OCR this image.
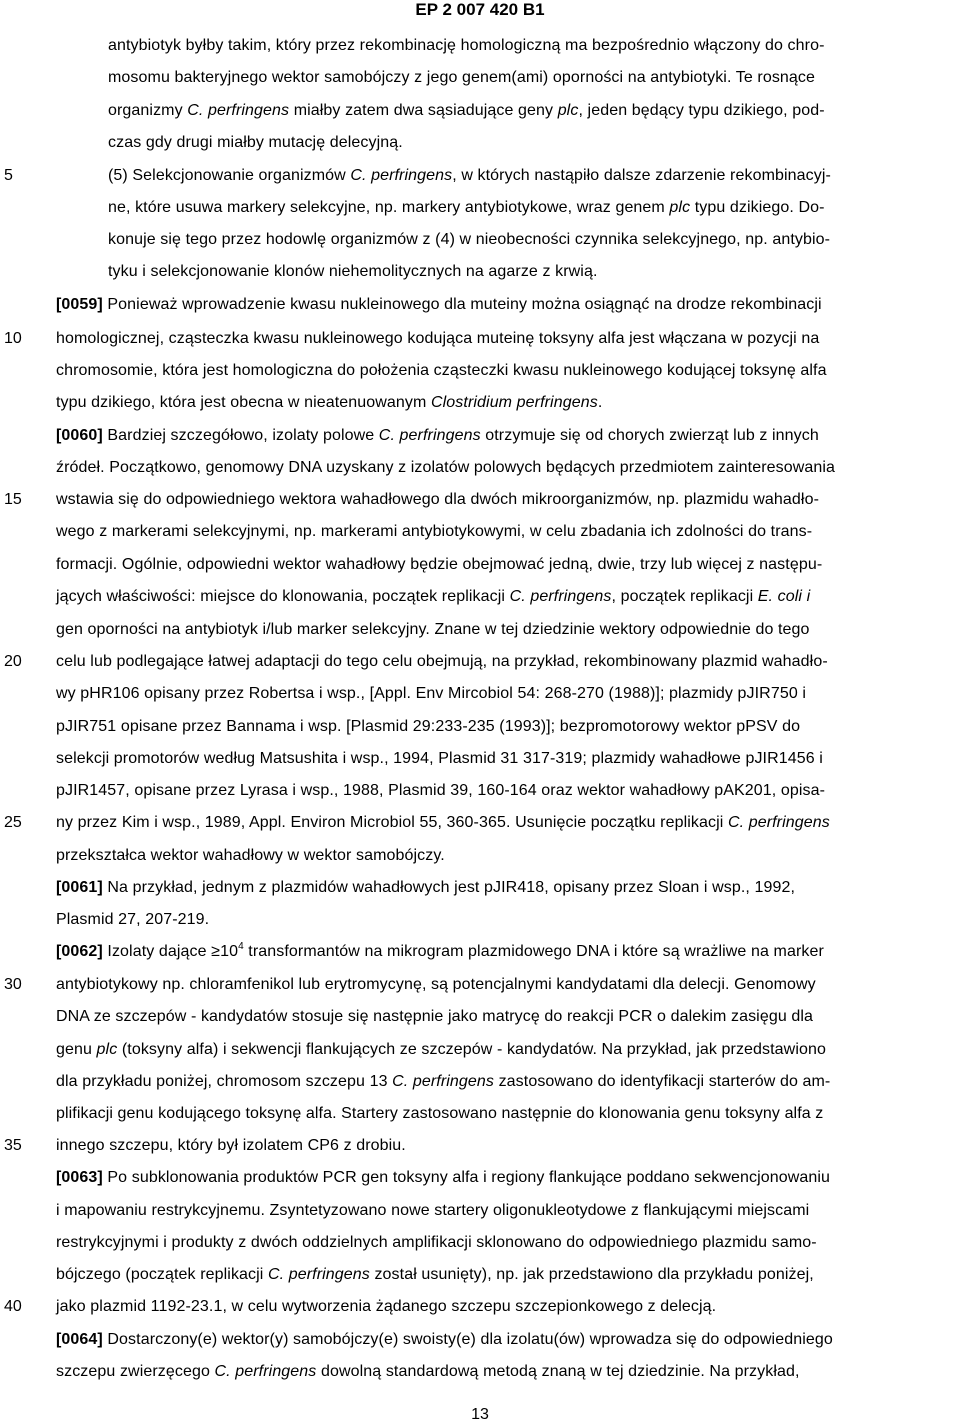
EP 2 007 420 B1
5
10
15
20
25
30
35
40
antybiotyk byłby takim, który przez rekombinację homologiczną ma bezpośrednio włączony do chro-
mosomu bakteryjnego wektor samobójczy z jego genem(ami) oporności na antybiotyki. Te rosnące
organizmy C. perfringens miałby zatem dwa sąsiadujące geny plc, jeden będący typu dzikiego, pod-
czas gdy drugi miałby mutację delecyjną.
(5) Selekcjonowanie organizmów C. perfringens, w których nastąpiło dalsze zdarzenie rekombinacyj-
ne, które usuwa markery selekcyjne, np. markery antybiotykowe, wraz genem plc typu dzikiego. Do-
konuje się tego przez hodowlę organizmów z (4) w nieobecności czynnika selekcyjnego, np. antybio-
tyku i selekcjonowanie klonów niehemolitycznych na agarze z krwią.
[0059] Ponieważ wprowadzenie kwasu nukleinowego dla muteiny można osiągnąć na drodze rekombinacji
homologicznej, cząsteczka kwasu nukleinowego kodująca muteinę toksyny alfa jest włączana w pozycji na
chromosomie, która jest homologiczna do położenia cząsteczki kwasu nukleinowego kodującej toksynę alfa
typu dzikiego, która jest obecna w nieatenuowanym Clostridium perfringens.
[0060] Bardziej szczegółowo, izolaty polowe C. perfringens otrzymuje się od chorych zwierząt lub z innych
źródeł. Początkowo, genomowy DNA uzyskany z izolatów polowych będących przedmiotem zainteresowania
wstawia się do odpowiedniego wektora wahadłowego dla dwóch mikroorganizmów, np. plazmidu wahadło-
wego z markerami selekcyjnymi, np. markerami antybiotykowymi, w celu zbadania ich zdolności do trans-
formacji. Ogólnie, odpowiedni wektor wahadłowy będzie obejmować jedną, dwie, trzy lub więcej z następu-
jących właściwości: miejsce do klonowania, początek replikacji C. perfringens, początek replikacji E. coli i
gen oporności na antybiotyk i/lub marker selekcyjny. Znane w tej dziedzinie wektory odpowiednie do tego
celu lub podlegające łatwej adaptacji do tego celu obejmują, na przykład, rekombinowany plazmid wahadło-
wy pHR106 opisany przez Robertsa i wsp., [Appl. Env Mircobiol 54: 268-270 (1988)]; plazmidy pJIR750 i
pJIR751 opisane przez Bannama i wsp. [Plasmid 29:233-235 (1993)]; bezpromotorowy wektor pPSV do
selekcji promotorów według Matsushita i wsp., 1994, Plasmid 31 317-319; plazmidy wahadłowe pJIR1456 i
pJIR1457, opisane przez Lyrasa i wsp., 1988, Plasmid 39, 160-164 oraz wektor wahadłowy pAK201, opisa-
ny przez Kim i wsp., 1989, Appl. Environ Microbiol 55, 360-365. Usunięcie początku replikacji C. perfringens
przekształca wektor wahadłowy w wektor samobójczy.
[0061] Na przykład, jednym z plazmidów wahadłowych jest pJIR418, opisany przez Sloan i wsp., 1992,
Plasmid 27, 207-219.
[0062] Izolaty dające $\ge 10^4$ transformantów na mikrogram plazmidowego DNA i które są wrażliwe na marker
antybiotykowy np. chloramfenikol lub erytromycynę, są potencjalnymi kandydatami dla delecji. Genomowy
DNA ze szczepów - kandydatów stosuje się następnie jako matrycę do reakcji PCR o dalekim zasięgu dla
genu plc (toksyny alfa) i sekwencji flankujących ze szczepów - kandydatów. Na przykład, jak przedstawiono
dla przykładu poniżej, chromosom szczepu 13 C. perfringens zastosowano do identyfikacji starterów do am-
plifikacji genu kodującego toksynę alfa. Startery zastosowano następnie do klonowania genu toksyny alfa z
innego szczepu, który był izolatem CP6 z drobiu.
[0063] Po subklonowania produktów PCR gen toksyny alfa i regiony flankujące poddano sekwencjonowaniu
i mapowaniu restrykcyjnemu. Zsyntetyzowano nowe startery oligonukleotydowe z flankującymi miejscami
restrykcyjnymi i produkty z dwóch oddzielnych amplifikacji sklonowano do odpowiedniego plazmidu samo-
bójczego (początek replikacji C. perfringens został usunięty), np. jak przedstawiono dla przykładu poniżej,
jako plazmid 1192-23.1, w celu wytworzenia żądanego szczepu szczepionkowego z delecją.
[0064] Dostarczony(e) wektor(y) samobójczy(e) swoisty(e) dla izolatu(ów) wprowadza się do odpowiedniego
szczepu zwierzęcego C. perfringens dowolną standardową metodą znaną w tej dziedzinie. Na przykład,
13
